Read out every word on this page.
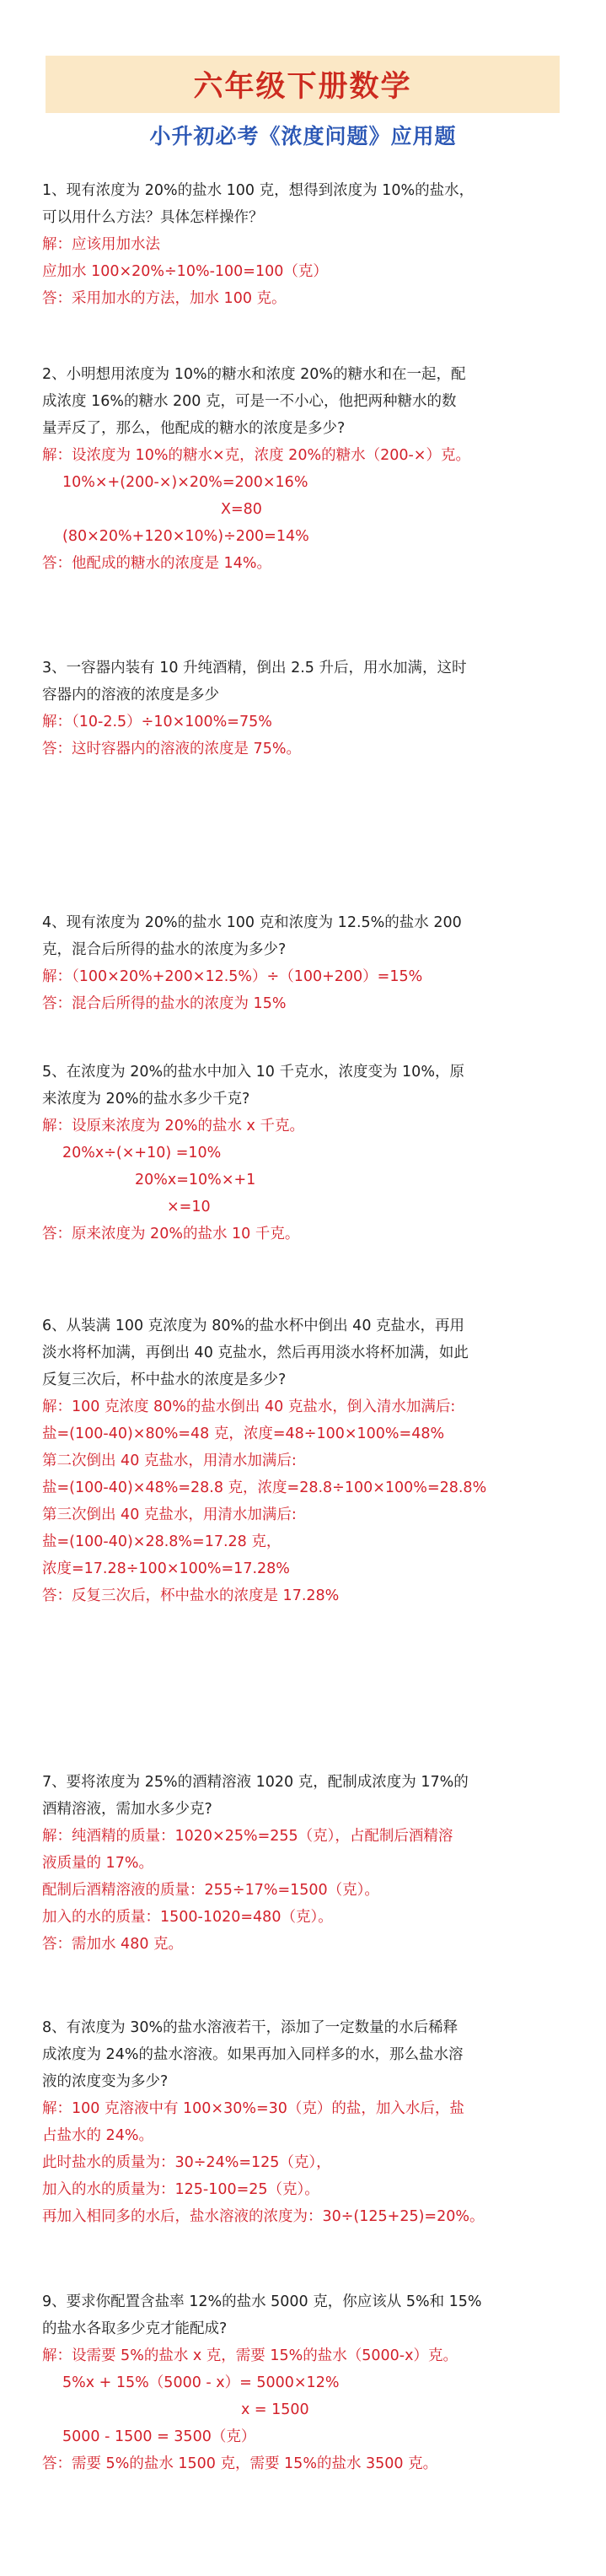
六年级下册数学
小升初必考《浓度问题》应用题
1、现有浓度为 20%的盐水 100 克，想得到浓度为 10%的盐水，
可以用什么方法？具体怎样操作？
解：应该用加水法
应加水 100×20%÷10%-100=100（克）
答：采用加水的方法，加水 100 克。
2、小明想用浓度为 10%的糖水和浓度 20%的糖水和在一起，配
成浓度 16%的糖水 200 克，可是一不小心，他把两种糖水的数
量弄反了，那么，他配成的糖水的浓度是多少?
解：设浓度为 10%的糖水×克，浓度 20%的糖水（200-×）克。
10%×+(200-×)×20%=200×16%
X=80
(80×20%+120×10%)÷200=14%
答：他配成的糖水的浓度是 14%。
3、一容器内装有 10 升纯酒精，倒出 2.5 升后，用水加满，这时
容器内的溶液的浓度是多少
解：（10-2.5）÷10×100%=75%
答：这时容器内的溶液的浓度是 75%。
4、现有浓度为 20%的盐水 100 克和浓度为 12.5%的盐水 200
克，混合后所得的盐水的浓度为多少?
解：（100×20%+200×12.5%）÷（100+200）=15%
答：混合后所得的盐水的浓度为 15%
5、在浓度为 20%的盐水中加入 10 千克水，浓度变为 10%，原
来浓度为 20%的盐水多少千克?
解：设原来浓度为 20%的盐水 x 千克。
20%x÷(×+10) =10%
20%x=10%×+1
×=10
答：原来浓度为 20%的盐水 10 千克。
6、从装满 100 克浓度为 80%的盐水杯中倒出 40 克盐水，再用
淡水将杯加满，再倒出 40 克盐水，然后再用淡水将杯加满，如此
反复三次后，杯中盐水的浓度是多少?
解：100 克浓度 80%的盐水倒出 40 克盐水，倒入清水加满后:
盐=(100-40)×80%=48 克，浓度=48÷100×100%=48%
第二次倒出 40 克盐水，用清水加满后:
盐=(100-40)×48%=28.8 克，浓度=28.8÷100×100%=28.8%
第三次倒出 40 克盐水，用清水加满后:
盐=(100-40)×28.8%=17.28 克，
浓度=17.28÷100×100%=17.28%
答：反复三次后，杯中盐水的浓度是 17.28%
7、要将浓度为 25%的酒精溶液 1020 克，配制成浓度为 17%的
酒精溶液，需加水多少克?
解：纯酒精的质量：1020×25%=255（克），占配制后酒精溶
液质量的 17%。
配制后酒精溶液的质量：255÷17%=1500（克）。
加入的水的质量：1500-1020=480（克）。
答：需加水 480 克。
8、有浓度为 30%的盐水溶液若干，添加了一定数量的水后稀释
成浓度为 24%的盐水溶液。如果再加入同样多的水，那么盐水溶
液的浓度变为多少?
解：100 克溶液中有 100×30%=30（克）的盐，加入水后，盐
占盐水的 24%。
此时盐水的质量为：30÷24%=125（克），
加入的水的质量为：125-100=25（克）。
再加入相同多的水后，盐水溶液的浓度为：30÷(125+25)=20%。
9、要求你配置含盐率 12%的盐水 5000 克，你应该从 5%和 15%
的盐水各取多少克才能配成?
解：设需要 5%的盐水 x 克，需要 15%的盐水（5000-x）克。
5%x + 15%（5000 - x）= 5000×12%
x = 1500
5000 - 1500 = 3500（克）
答：需要 5%的盐水 1500 克，需要 15%的盐水 3500 克。
